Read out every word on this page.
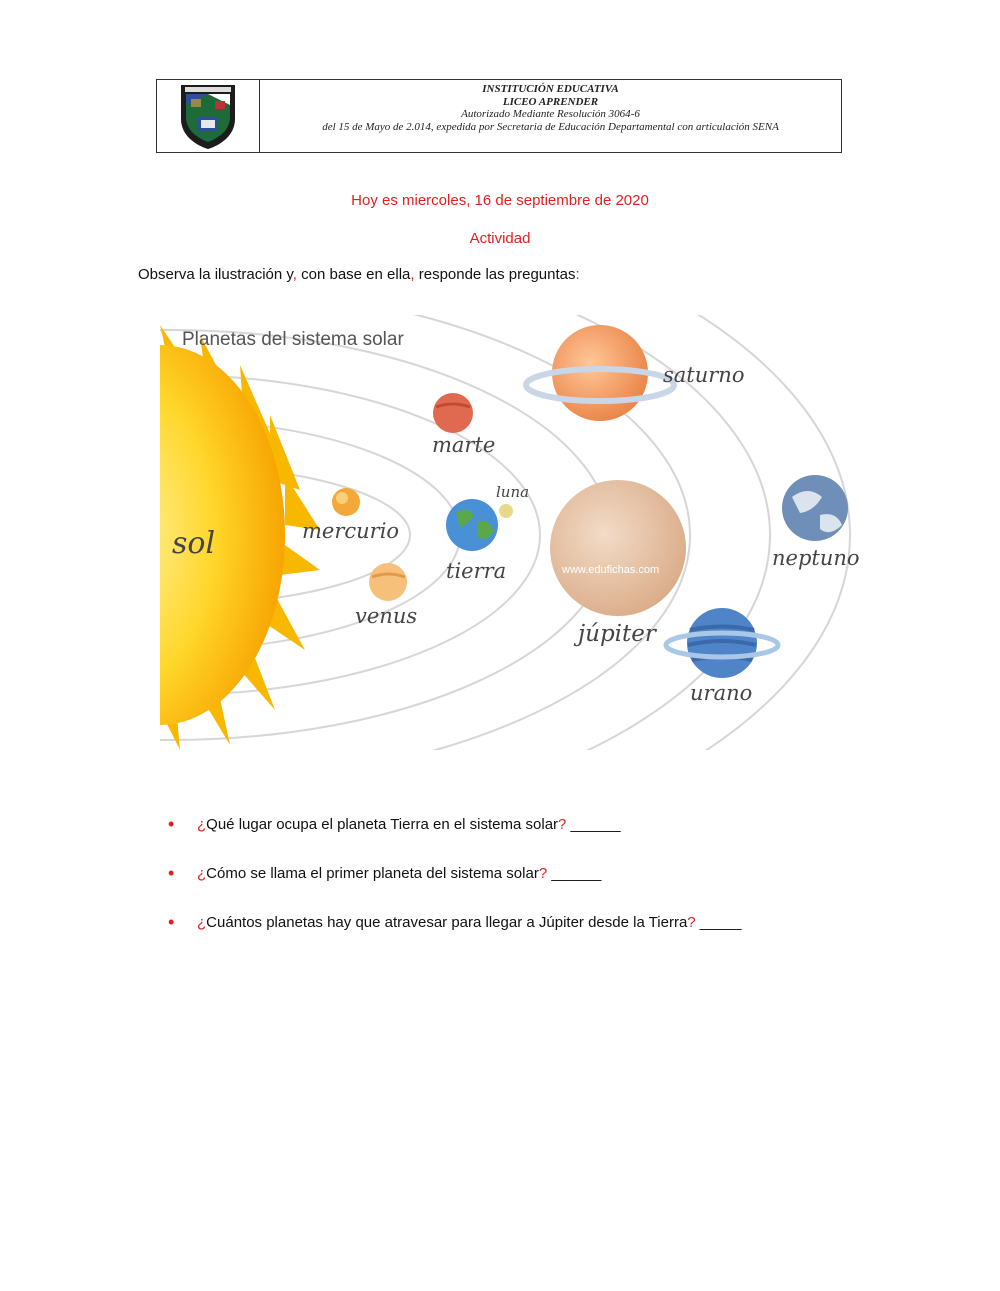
INSTITUCIÓN EDUCATIVA
LICEO APRENDER
Autorizado Mediante Resolución 3064-6
del 15 de Mayo de 2.014, expedida por Secretaria de Educación Departamental con articulación SENA
Hoy es miercoles, 16 de septiembre de 2020
Actividad
Observa la ilustración y, con base en ella, responde las preguntas:
sol
Planetas del sistema solar
mercurio
venus
luna
tierra
marte
www.edufichas.com
júpiter
saturno
neptuno
urano
• ¿Qué lugar ocupa el planeta Tierra en el sistema solar? ______
• ¿Cómo se llama el primer planeta del sistema solar? ______
• ¿Cuántos planetas hay que atravesar para llegar a Júpiter desde la Tierra? _____
